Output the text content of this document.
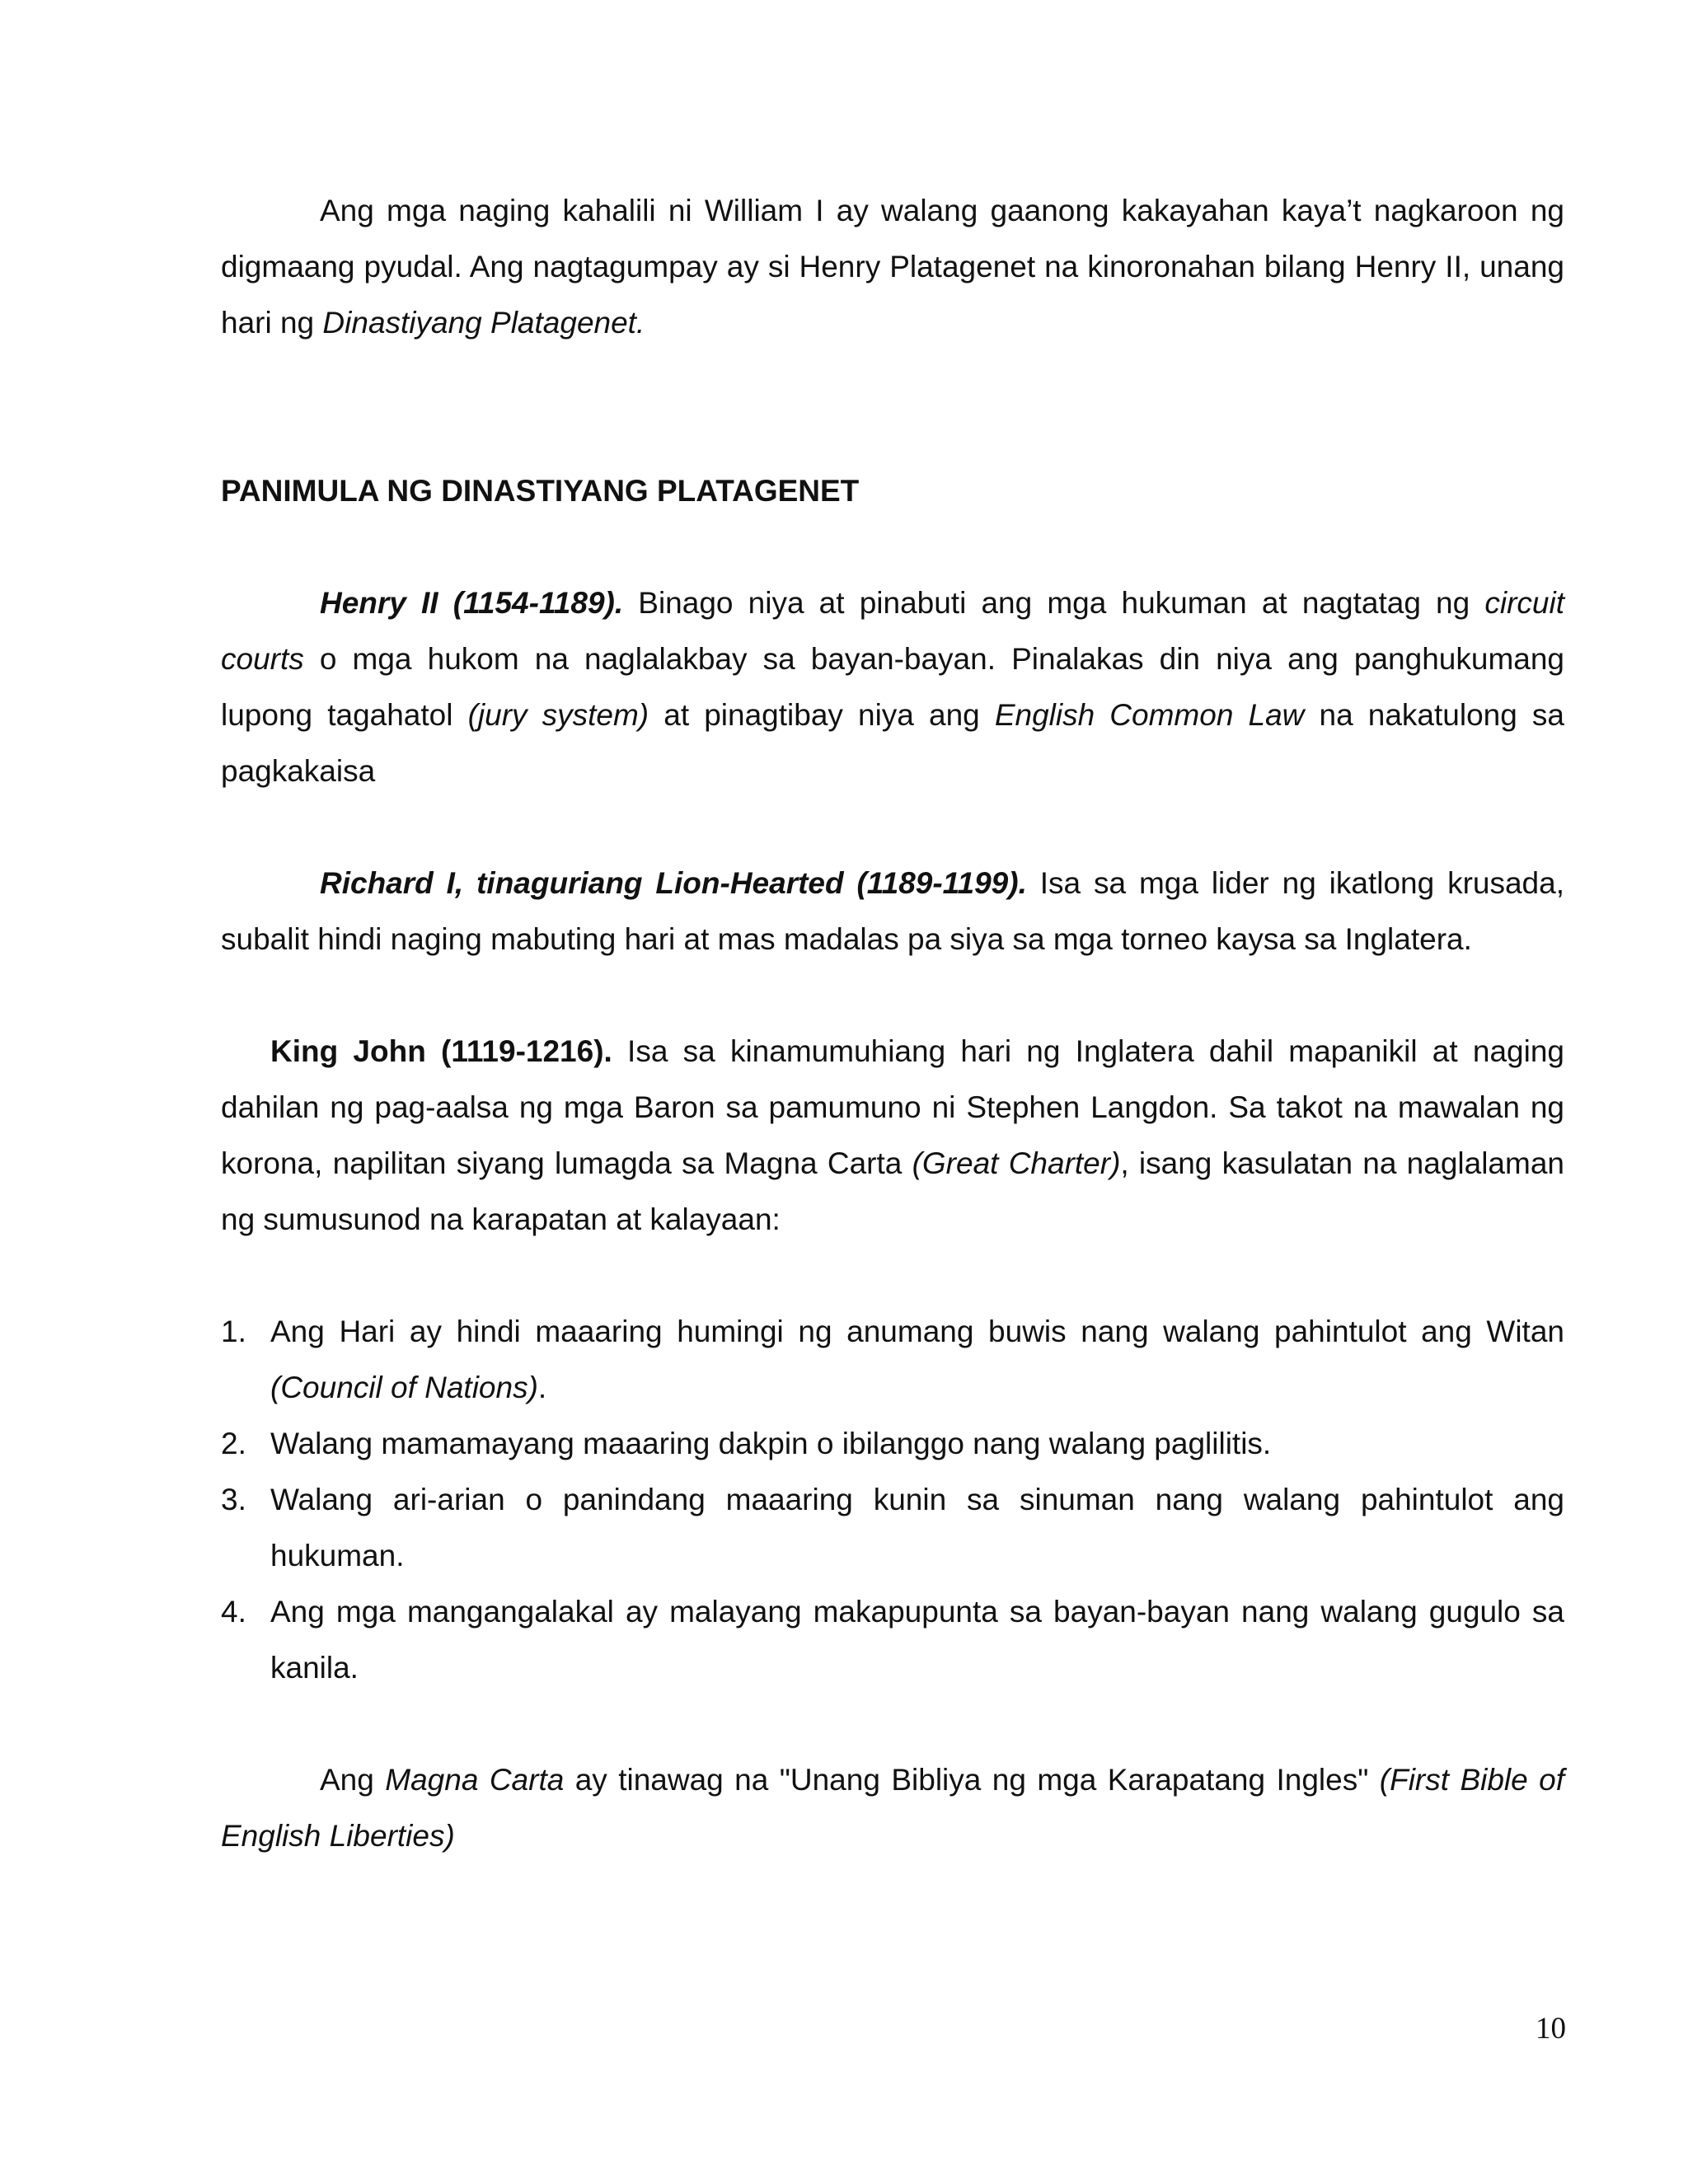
Ang mga naging kahalili ni William I ay walang gaanong kakayahan kaya’t nagkaroon ng digmaang pyudal. Ang nagtagumpay ay si Henry Platagenet na kinoronahan bilang Henry II, unang hari ng Dinastiyang Platagenet.

PANIMULA NG DINASTIYANG PLATAGENET

Henry II (1154-1189). Binago niya at pinabuti ang mga hukuman at nagtatag ng circuit courts o mga hukom na naglalakbay sa bayan-bayan. Pinalakas din niya ang panghukumang lupong tagahatol (jury system) at pinagtibay niya ang English Common Law na nakatulong sa pagkakaisa

Richard I, tinaguriang Lion-Hearted (1189-1199). Isa sa mga lider ng ikatlong krusada, subalit hindi naging mabuting hari at mas madalas pa siya sa mga torneo kaysa sa Inglatera.

King John (1119-1216). Isa sa kinamumuhiang hari ng Inglatera dahil mapanikil at naging dahilan ng pag-aalsa ng mga Baron sa pamumuno ni Stephen Langdon. Sa takot na mawalan ng korona, napilitan siyang lumagda sa Magna Carta (Great Charter), isang kasulatan na naglalaman ng sumusunod na karapatan at kalayaan:

1. Ang Hari ay hindi maaaring humingi ng anumang buwis nang walang pahintulot ang Witan (Council of Nations).
2. Walang mamamayang maaaring dakpin o ibilanggo nang walang paglilitis.
3. Walang ari-arian o panindang maaaring kunin sa sinuman nang walang pahintulot ang hukuman.
4. Ang mga mangangalakal ay malayang makapupunta sa bayan-bayan nang walang gugulo sa kanila.

Ang Magna Carta ay tinawag na "Unang Bibliya ng mga Karapatang Ingles" (First Bible of English Liberties)

10
